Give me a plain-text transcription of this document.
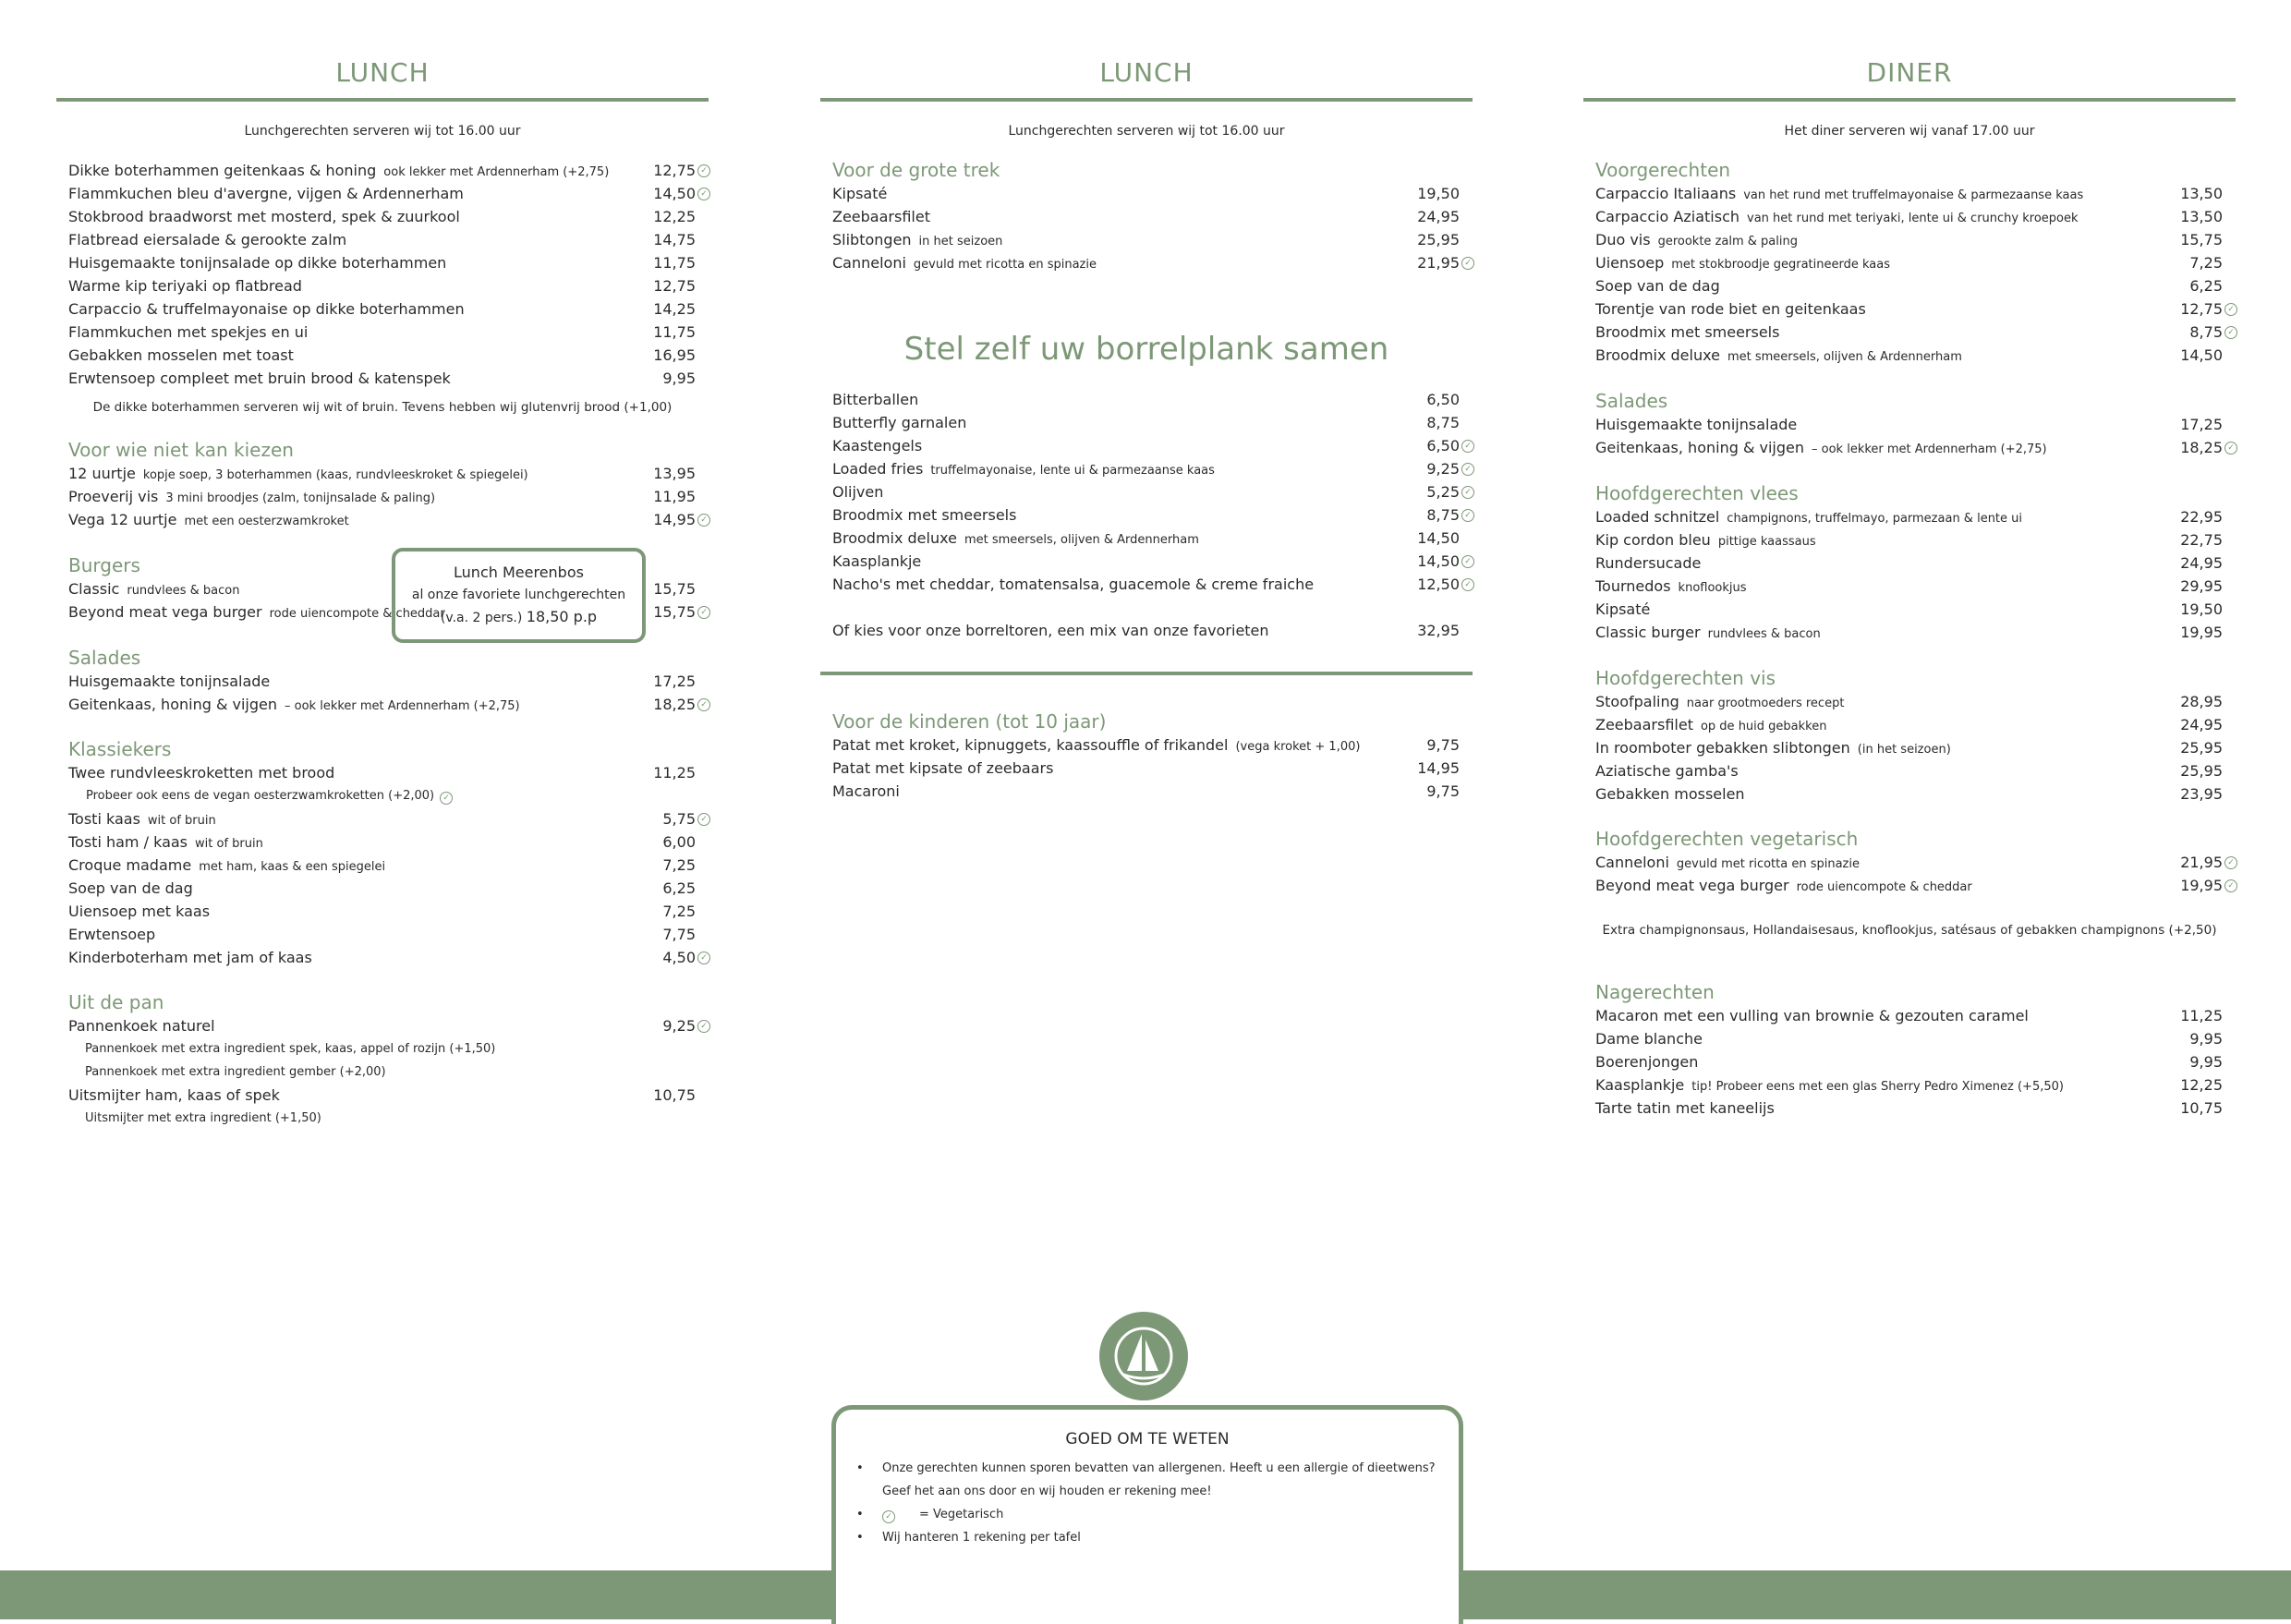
LUNCH
Lunchgerechten serveren wij tot 16.00 uur
Dikke boterhammen geitenkaas & honing ook lekker met Ardennerham (+2,75)	12,75 ✓
Flammkuchen bleu d'avergne, vijgen & Ardennerham	14,50 ✓
Stokbrood braadworst met mosterd, spek & zuurkool	12,25
Flatbread eiersalade & gerookte zalm	14,75
Huisgemaakte tonijnsalade op dikke boterhammen	11,75
Warme kip teriyaki op flatbread	12,75
Carpaccio & truffelmayonaise op dikke boterhammen	14,25
Flammkuchen met spekjes en ui	11,75
Gebakken mosselen met toast	16,95
Erwtensoep compleet met bruin brood & katenspek	9,95
De dikke boterhammen serveren wij wit of bruin. Tevens hebben wij glutenvrij brood (+1,00)
Voor wie niet kan kiezen
12 uurtje kopje soep, 3 boterhammen (kaas, rundvleeskroket & spiegelei)	13,95
Proeverij vis 3 mini broodjes (zalm, tonijnsalade & paling)	11,95
Vega 12 uurtje met een oesterzwamkroket	14,95 ✓
Burgers
Classic rundvlees & bacon	15,75
Beyond meat vega burger rode uiencompote & cheddar	15,75 ✓
Salades
Huisgemaakte tonijnsalade	17,25
Geitenkaas, honing & vijgen – ook lekker met Ardennerham (+2,75)	18,25 ✓
Klassiekers
Twee rundvleeskroketten met brood	11,25
Probeer ook eens de vegan oesterzwamkroketten (+2,00) ✓
Tosti kaas wit of bruin	5,75 ✓
Tosti ham / kaas wit of bruin	6,00
Croque madame met ham, kaas & een spiegelei	7,25
Soep van de dag	6,25
Uiensoep met kaas	7,25
Erwtensoep	7,75
Kinderboterham met jam of kaas	4,50 ✓
Uit de pan
Pannenkoek naturel	9,25 ✓
Pannenkoek met extra ingredient spek, kaas, appel of rozijn (+1,50)
Pannenkoek met extra ingredient gember (+2,00)
Uitsmijter ham, kaas of spek	10,75
Uitsmijter met extra ingredient (+1,50)
Lunch Meerenbos
al onze favoriete lunchgerechten
(v.a. 2 pers.) 18,50 p.p
LUNCH
Lunchgerechten serveren wij tot 16.00 uur
Voor de grote trek
Kipsaté	19,50
Zeebaarsfilet	24,95
Slibtongen in het seizoen	25,95
Canneloni gevuld met ricotta en spinazie	21,95 ✓
Stel zelf uw borrelplank samen
Bitterballen	6,50
Butterfly garnalen	8,75
Kaastengels	6,50 ✓
Loaded fries truffelmayonaise, lente ui & parmezaanse kaas	9,25 ✓
Olijven	5,25 ✓
Broodmix met smeersels	8,75 ✓
Broodmix deluxe met smeersels, olijven & Ardennerham	14,50
Kaasplankje	14,50 ✓
Nacho's met cheddar, tomatensalsa, guacemole & creme fraiche	12,50 ✓
Of kies voor onze borreltoren, een mix van onze favorieten	32,95
Voor de kinderen (tot 10 jaar)
Patat met kroket, kipnuggets, kaassouffle of frikandel (vega kroket + 1,00)	9,75
Patat met kipsate of zeebaars	14,95
Macaroni	9,75
DINER
Het diner serveren wij vanaf 17.00 uur
Voorgerechten
Carpaccio Italiaans van het rund met truffelmayonaise & parmezaanse kaas	13,50
Carpaccio Aziatisch van het rund met teriyaki, lente ui & crunchy kroepoek	13,50
Duo vis gerookte zalm & paling	15,75
Uiensoep met stokbroodje gegratineerde kaas	7,25
Soep van de dag	6,25
Torentje van rode biet en geitenkaas	12,75 ✓
Broodmix met smeersels	8,75 ✓
Broodmix deluxe met smeersels, olijven & Ardennerham	14,50
Salades
Huisgemaakte tonijnsalade	17,25
Geitenkaas, honing & vijgen – ook lekker met Ardennerham (+2,75)	18,25 ✓
Hoofdgerechten vlees
Loaded schnitzel champignons, truffelmayo, parmezaan & lente ui	22,95
Kip cordon bleu pittige kaassaus	22,75
Rundersucade	24,95
Tournedos knoflookjus	29,95
Kipsaté	19,50
Classic burger rundvlees & bacon	19,95
Hoofdgerechten vis
Stoofpaling naar grootmoeders recept	28,95
Zeebaarsfilet op de huid gebakken	24,95
In roomboter gebakken slibtongen (in het seizoen)	25,95
Aziatische gamba's	25,95
Gebakken mosselen	23,95
Hoofdgerechten vegetarisch
Canneloni gevuld met ricotta en spinazie	21,95 ✓
Beyond meat vega burger rode uiencompote & cheddar	19,95 ✓
Extra champignonsaus, Hollandaisesaus, knoflookjus, satésaus of gebakken champignons (+2,50)
Nagerechten
Macaron met een vulling van brownie & gezouten caramel	11,25
Dame blanche	9,95
Boerenjongen	9,95
Kaasplankje tip! Probeer eens met een glas Sherry Pedro Ximenez (+5,50)	12,25
Tarte tatin met kaneelijs	10,75
GOED OM TE WETEN
• Onze gerechten kunnen sporen bevatten van allergenen. Heeft u een allergie of dieetwens? Geef het aan ons door en wij houden er rekening mee!
•	✓ = Vegetarisch
• Wij hanteren 1 rekening per tafel
